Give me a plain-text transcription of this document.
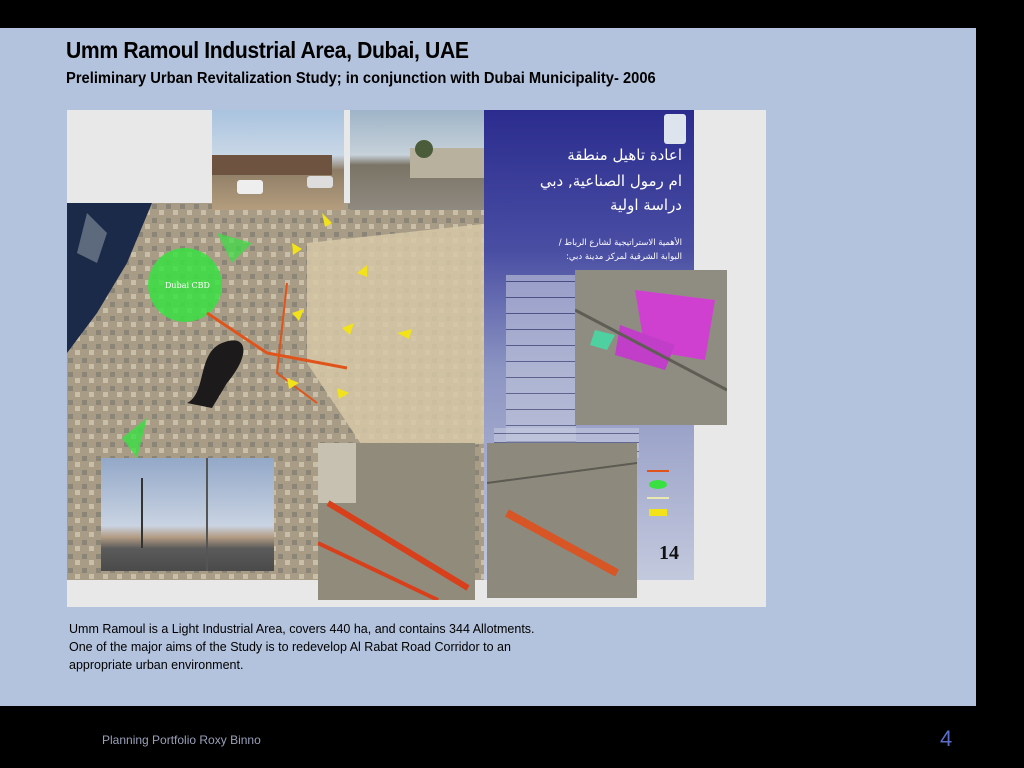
Umm Ramoul Industrial Area, Dubai, UAE
Preliminary Urban Revitalization Study; in conjunction with Dubai Municipality- 2006
Dubai CBD
اعادة تاهيل منطقة
ام رمول الصناعية, دبي
دراسة اولية
الأهمية الاستراتيجية لشارع الرباط /
البوابة الشرقية لمركز مدينة دبي:
14
Umm Ramoul is a Light Industrial Area, covers 440 ha, and contains 344 Allotments. One of the major aims of the Study is to redevelop Al Rabat Road Corridor to an appropriate urban environment.
Planning Portfolio Roxy Binno	4
